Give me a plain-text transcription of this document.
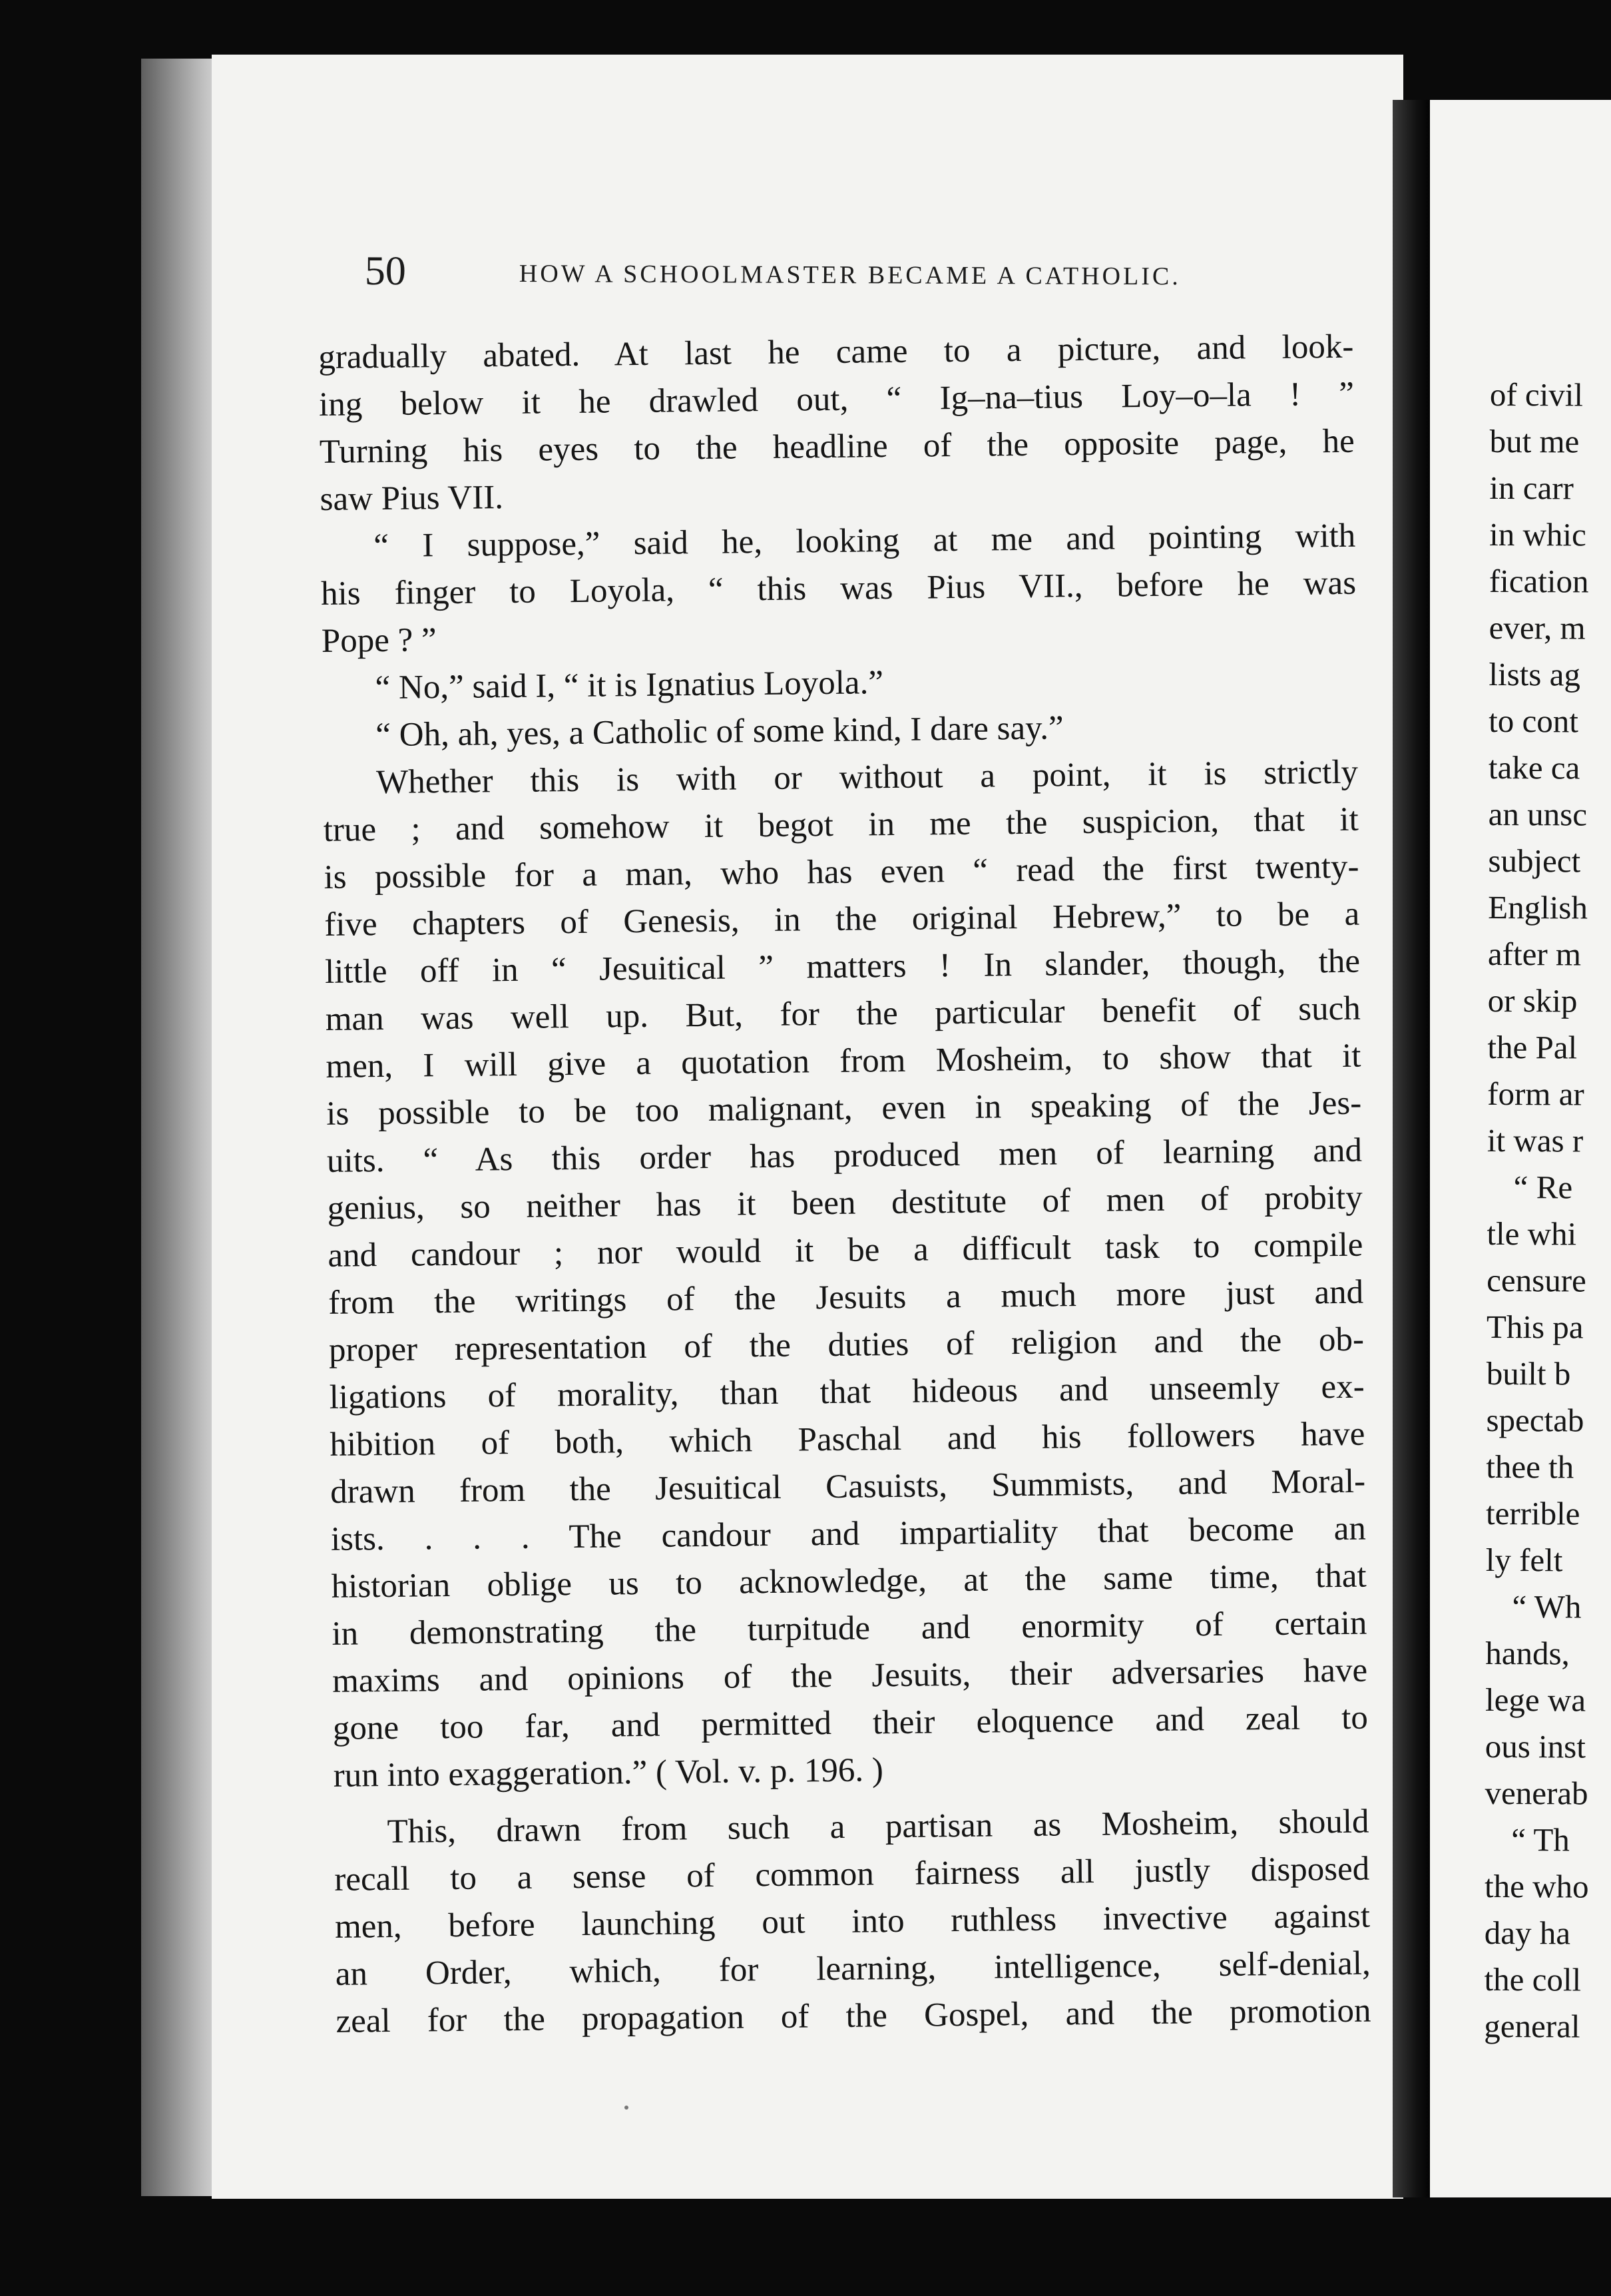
50	HOW A SCHOOLMASTER BECAME A CATHOLIC.
gradually abated. At last he came to a picture, and look-
ing below it he drawled out, “ Ig–na–tius Loy–o–la ! ”
Turning his eyes to the headline of the opposite page, he
saw Pius VII.
“ I suppose,” said he, looking at me and pointing with
his finger to Loyola, “ this was Pius VII., before he was
Pope ? ”
“ No,” said I, “ it is Ignatius Loyola.”
“ Oh, ah, yes, a Catholic of some kind, I dare say.”
Whether this is with or without a point, it is strictly
true ; and somehow it begot in me the suspicion, that it
is possible for a man, who has even “ read the first twenty-
five chapters of Genesis, in the original Hebrew,” to be a
little off in “ Jesuitical ” matters ! In slander, though, the
man was well up. But, for the particular benefit of such
men, I will give a quotation from Mosheim, to show that it
is possible to be too malignant, even in speaking of the Jes-
uits. “ As this order has produced men of learning and
genius, so neither has it been destitute of men of probity
and candour ; nor would it be a difficult task to compile
from the writings of the Jesuits a much more just and
proper representation of the duties of religion and the ob-
ligations of morality, than that hideous and unseemly ex-
hibition of both, which Paschal and his followers have
drawn from the Jesuitical Casuists, Summists, and Moral-
ists. . . . The candour and impartiality that become an
historian oblige us to acknowledge, at the same time, that
in demonstrating the turpitude and enormity of certain
maxims and opinions of the Jesuits, their adversaries have
gone too far, and permitted their eloquence and zeal to
run into exaggeration.” ( Vol. v. p. 196. )
This, drawn from such a partisan as Mosheim, should
recall to a sense of common fairness all justly disposed
men, before launching out into ruthless invective against
an Order, which, for learning, intelligence, self-denial,
zeal for the propagation of the Gospel, and the promotion
of civil
but me
in carr
in whic
fication
ever, m
lists ag
to cont
take ca
an unsc
subject
English
after m
or skip
the Pal
form ar
it was r
“ Re
tle whi
censure
This pa
built b
spectab
thee th
terrible
ly felt
“ Wh
hands,
lege wa
ous inst
venerab
“ Th
the who
day ha
the coll
general
